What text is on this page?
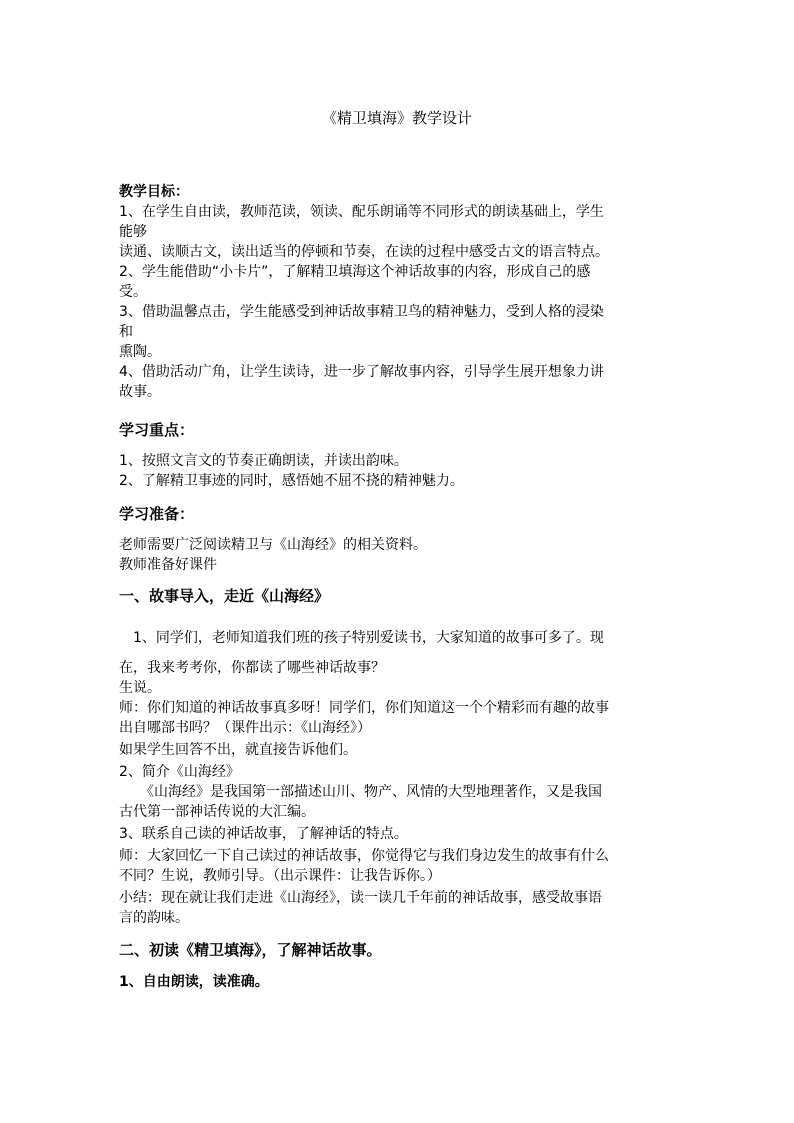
《精卫填海》教学设计
教学目标：
1、在学生自由读，教师范读，领读、配乐朗诵等不同形式的朗读基础上，学生
能够
读通、读顺古文，读出适当的停顿和节奏，在读的过程中感受古文的语言特点。
2、学生能借助“小卡片”，了解精卫填海这个神话故事的内容，形成自己的感
受。
3、借助温馨点击，学生能感受到神话故事精卫鸟的精神魅力，受到人格的浸染
和
熏陶。
4、借助活动广角，让学生读诗，进一步了解故事内容，引导学生展开想象力讲
故事。
学习重点：
1、按照文言文的节奏正确朗读，并读出韵味。
2、了解精卫事迹的同时，感悟她不屈不挠的精神魅力。
学习准备：
老师需要广泛阅读精卫与《山海经》的相关资料。
教师准备好课件
一、故事导入，走近《山海经》
　1、同学们，老师知道我们班的孩子特别爱读书，大家知道的故事可多了。现
在，我来考考你，你都读了哪些神话故事？
生说。
师：你们知道的神话故事真多呀！同学们，你们知道这一个个精彩而有趣的故事
出自哪部书吗？（课件出示：《山海经》）
如果学生回答不出，就直接告诉他们。
2、简介《山海经》
　　《山海经》是我国第一部描述山川、物产、风情的大型地理著作，又是我国
古代第一部神话传说的大汇编。
3、联系自己读的神话故事，了解神话的特点。
师：大家回忆一下自己读过的神话故事，你觉得它与我们身边发生的故事有什么
不同？生说，教师引导。（出示课件：让我告诉你。）
小结：现在就让我们走进《山海经》，读一读几千年前的神话故事，感受故事语
言的韵味。
二、初读《精卫填海》，了解神话故事。
1、自由朗读，读准确。
